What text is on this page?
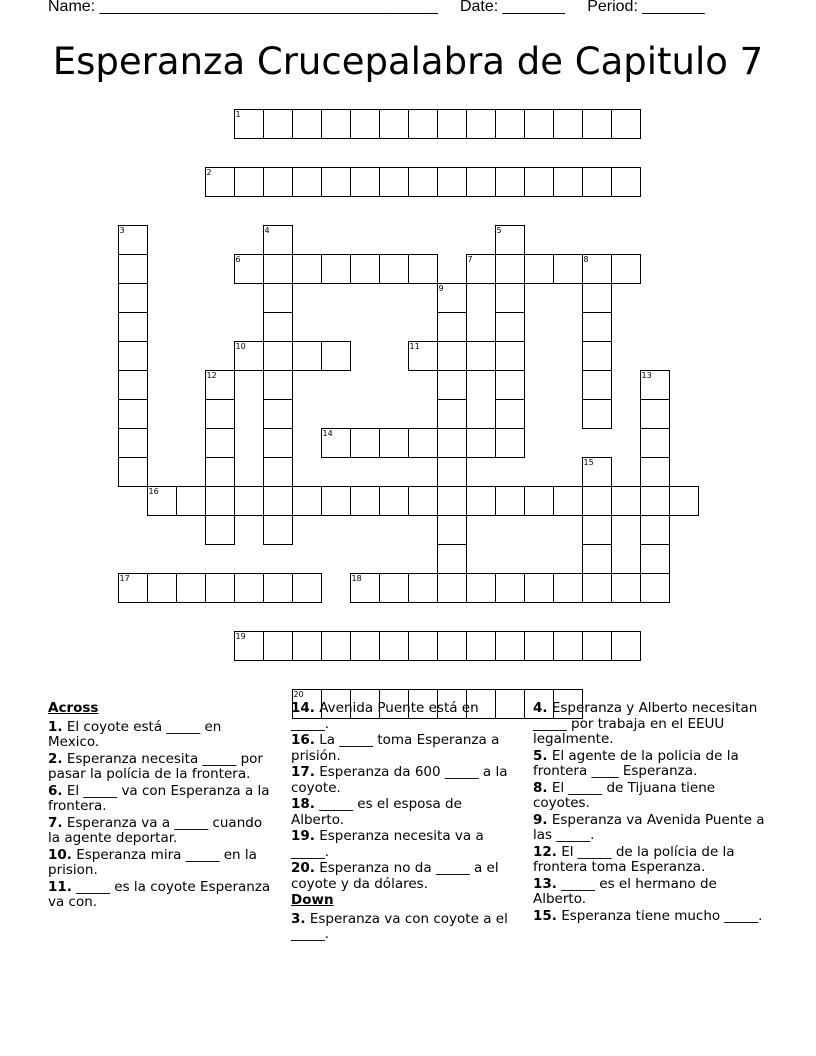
Name: ______________________________________ Date: _______ Period: _______
Esperanza Crucepalabra de Capitulo 7
1
2
6	7	8
10	11
14
16
17	18
19
20
3	4	5
9
12	13
15
Across
1. El coyote está _____ en Mexico.
2. Esperanza necesita _____ por pasar la polícia de la frontera.
6. El _____ va con Esperanza a la frontera.
7. Esperanza va a _____ cuando la agente deportar.
10. Esperanza mira _____ en la prision.
11. _____ es la coyote Esperanza va con.
14. Avenida Puente está en _____.
16. La _____ toma Esperanza a prisión.
17. Esperanza da 600 _____ a la coyote.
18. _____ es el esposa de Alberto.
19. Esperanza necesita va a _____.
20. Esperanza no da _____ a el coyote y da dólares.
Down
3. Esperanza va con coyote a el _____.
4. Esperanza y Alberto necesitan _____ por trabaja en el EEUU legalmente.
5. El agente de la policia de la frontera ____ Esperanza.
8. El _____ de Tijuana tiene coyotes.
9. Esperanza va Avenida Puente a las _____.
12. El _____ de la polícia de la frontera toma Esperanza.
13. _____ es el hermano de Alberto.
15. Esperanza tiene mucho _____.
